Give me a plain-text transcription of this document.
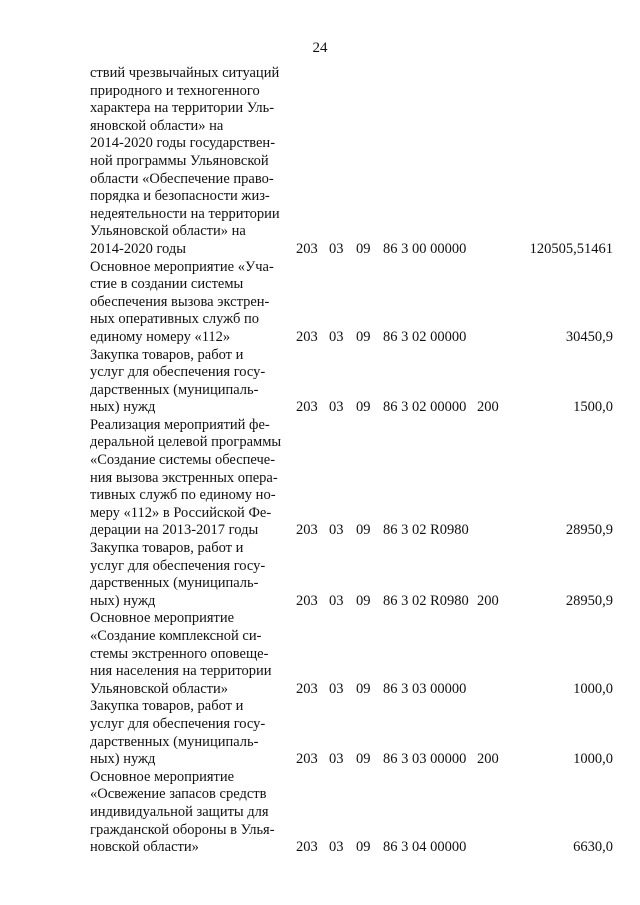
24
ствий чрезвычайных ситуаций
природного и техногенного
характера на территории Уль-
яновской области» на
2014-2020 годы государствен-
ной программы Ульяновской
области «Обеспечение право-
порядка и безопасности жиз-
недеятельности на территории
Ульяновской области» на
2014-2020 годы	203 03 09 86 3 00 00000	120505,51461
Основное мероприятие «Уча-
стие в создании системы
обеспечения вызова экстрен-
ных оперативных служб по
единому номеру «112»	203 03 09 86 3 02 00000	30450,9
Закупка товаров, работ и
услуг для обеспечения госу-
дарственных (муниципаль-
ных) нужд	203 03 09 86 3 02 00000 200	1500,0
Реализация мероприятий фе-
деральной целевой программы
«Создание системы обеспече-
ния вызова экстренных опера-
тивных служб по единому но-
меру «112» в Российской Фе-
дерации на 2013-2017 годы	203 03 09 86 3 02 R0980	28950,9
Закупка товаров, работ и
услуг для обеспечения госу-
дарственных (муниципаль-
ных) нужд	203 03 09 86 3 02 R0980 200	28950,9
Основное мероприятие
«Создание комплексной си-
стемы экстренного оповеще-
ния населения на территории
Ульяновской области»	203 03 09 86 3 03 00000	1000,0
Закупка товаров, работ и
услуг для обеспечения госу-
дарственных (муниципаль-
ных) нужд	203 03 09 86 3 03 00000 200	1000,0
Основное мероприятие
«Освежение запасов средств
индивидуальной защиты для
гражданской обороны в Улья-
новской области»	203 03 09 86 3 04 00000	6630,0
